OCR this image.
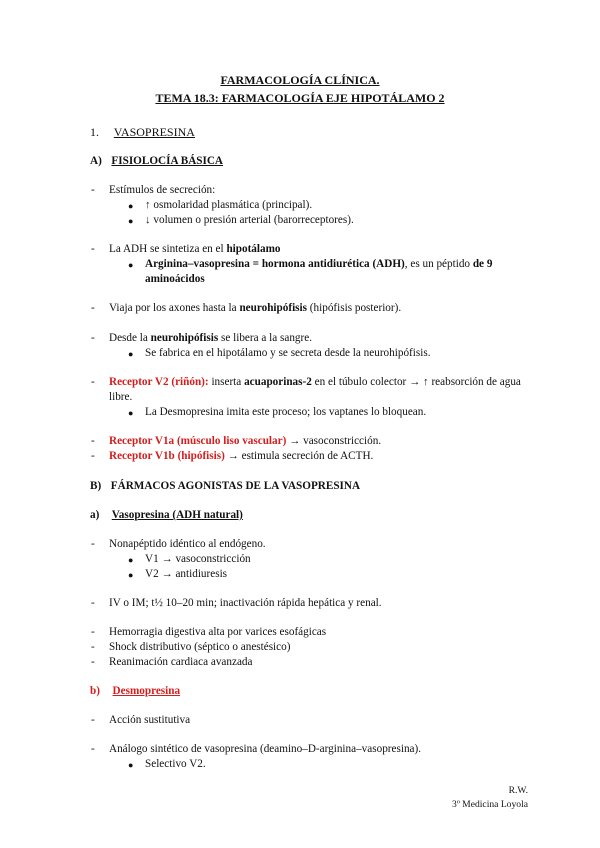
FARMACOLOGÍA CLÍNICA.
TEMA 18.3: FARMACOLOGÍA EJE HIPOTÁLAMO 2
1. VASOPRESINA
A) FISIOLOCÍA BÁSICA
- Estímulos de secreción:
● ↑ osmolaridad plasmática (principal).
● ↓ volumen o presión arterial (barorreceptores).
- La ADH se sintetiza en el hipotálamo
● Arginina–vasopresina = hormona antidiurética (ADH), es un péptido de 9
aminoácidos
- Viaja por los axones hasta la neurohipófisis (hipófisis posterior).
- Desde la neurohipófisis se libera a la sangre.
● Se fabrica en el hipotálamo y se secreta desde la neurohipófisis.
- Receptor V2 (riñón): inserta acuaporinas-2 en el túbulo colector → ↑ reabsorción de agua
libre.
● La Desmopresina imita este proceso; los vaptanes lo bloquean.
- Receptor V1a (músculo liso vascular) → vasoconstricción.
- Receptor V1b (hipófisis) → estimula secreción de ACTH.
B) FÁRMACOS AGONISTAS DE LA VASOPRESINA
a) Vasopresina (ADH natural)
- Nonapéptido idéntico al endógeno.
● V1 → vasoconstricción
● V2 → antidiuresis
- IV o IM; t½ 10–20 min; inactivación rápida hepática y renal.
- Hemorragia digestiva alta por varices esofágicas
- Shock distributivo (séptico o anestésico)
- Reanimación cardiaca avanzada
b) Desmopresina
- Acción sustitutiva
- Análogo sintético de vasopresina (deamino–D-arginina–vasopresina).
● Selectivo V2.
R.W.
3º Medicina Loyola
